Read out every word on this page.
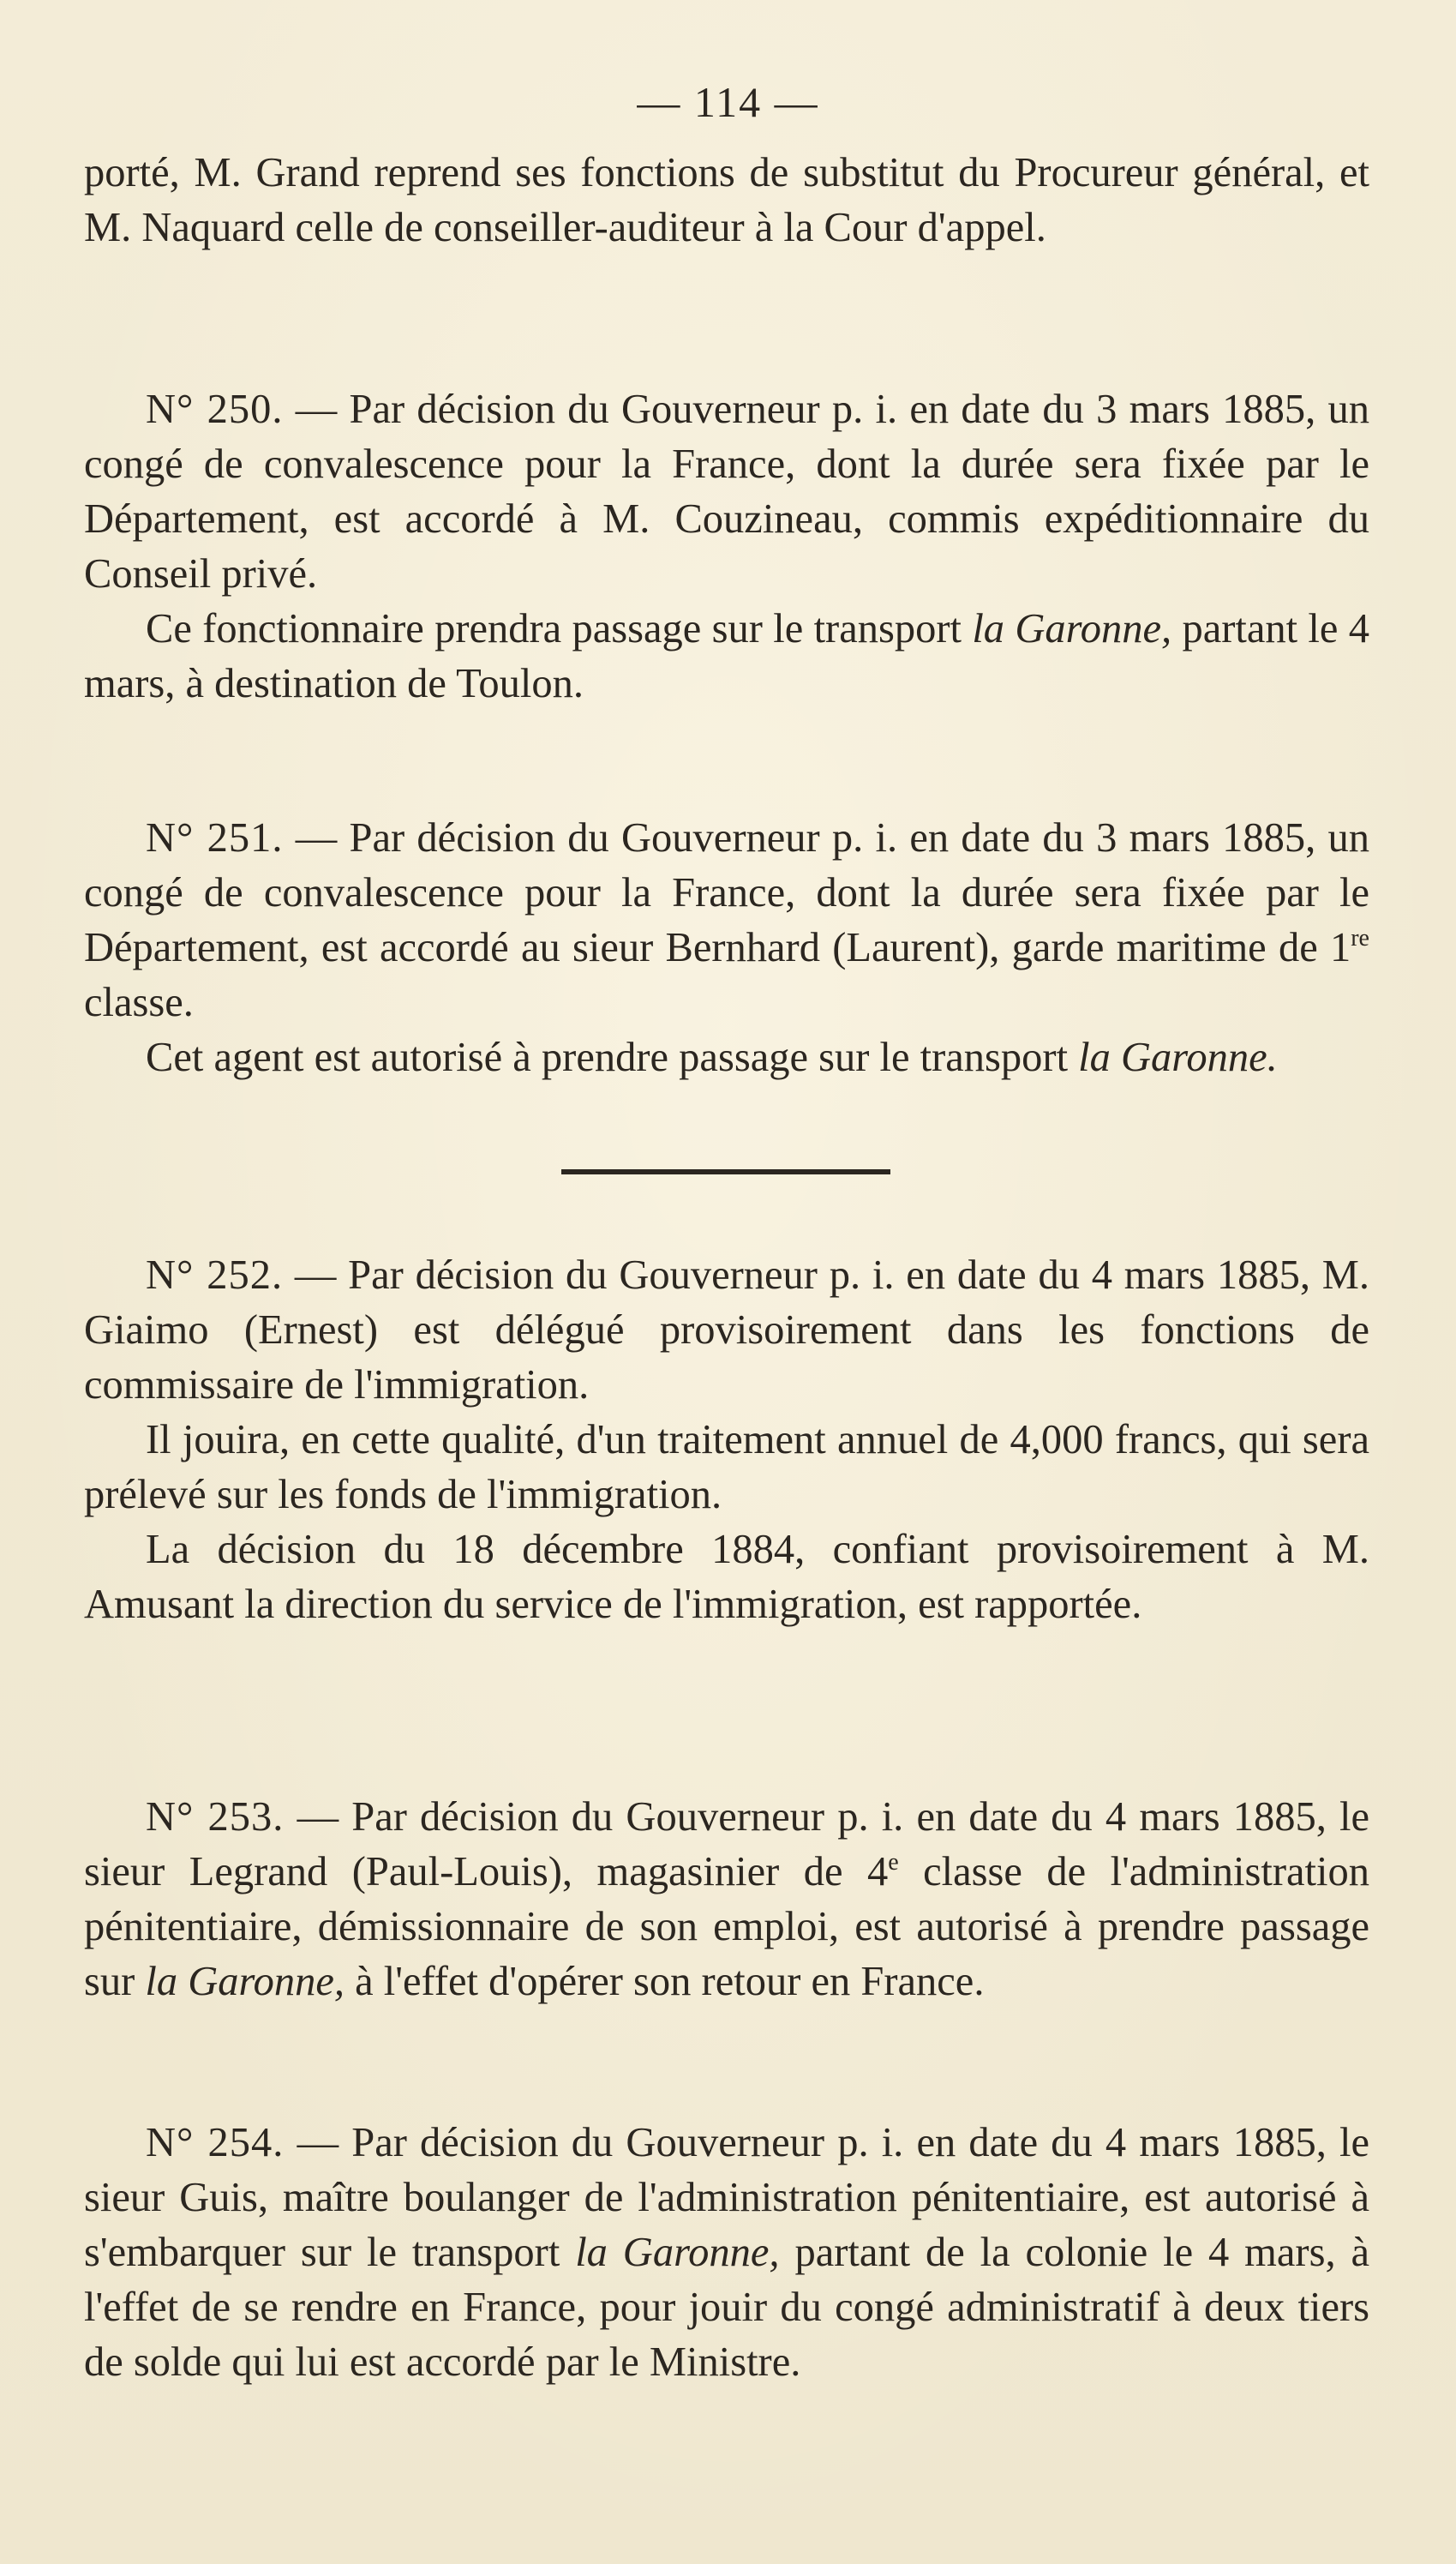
— 114 —

porté, M. Grand reprend ses fonctions de substitut du Procureur général, et M. Naquard celle de conseiller-auditeur à la Cour d'appel.

N° 250. — Par décision du Gouverneur p. i. en date du 3 mars 1885, un congé de convalescence pour la France, dont la durée sera fixée par le Département, est accordé à M. Couzineau, commis expéditionnaire du Conseil privé.

Ce fonctionnaire prendra passage sur le transport la Garonne, partant le 4 mars, à destination de Toulon.

N° 251. — Par décision du Gouverneur p. i. en date du 3 mars 1885, un congé de convalescence pour la France, dont la durée sera fixée par le Département, est accordé au sieur Bernhard (Laurent), garde maritime de 1re classe.

Cet agent est autorisé à prendre passage sur le transport la Garonne.

N° 252. — Par décision du Gouverneur p. i. en date du 4 mars 1885, M. Giaimo (Ernest) est délégué provisoirement dans les fonctions de commissaire de l'immigration.

Il jouira, en cette qualité, d'un traitement annuel de 4,000 francs, qui sera prélevé sur les fonds de l'immigration.

La décision du 18 décembre 1884, confiant provisoirement à M. Amusant la direction du service de l'immigration, est rapportée.

N° 253. — Par décision du Gouverneur p. i. en date du 4 mars 1885, le sieur Legrand (Paul-Louis), magasinier de 4e classe de l'administration pénitentiaire, démissionnaire de son emploi, est autorisé à prendre passage sur la Garonne, à l'effet d'opérer son retour en France.

N° 254. — Par décision du Gouverneur p. i. en date du 4 mars 1885, le sieur Guis, maître boulanger de l'administration pénitentiaire, est autorisé à s'embarquer sur le transport la Garonne, partant de la colonie le 4 mars, à l'effet de se rendre en France, pour jouir du congé administratif à deux tiers de solde qui lui est accordé par le Ministre.
